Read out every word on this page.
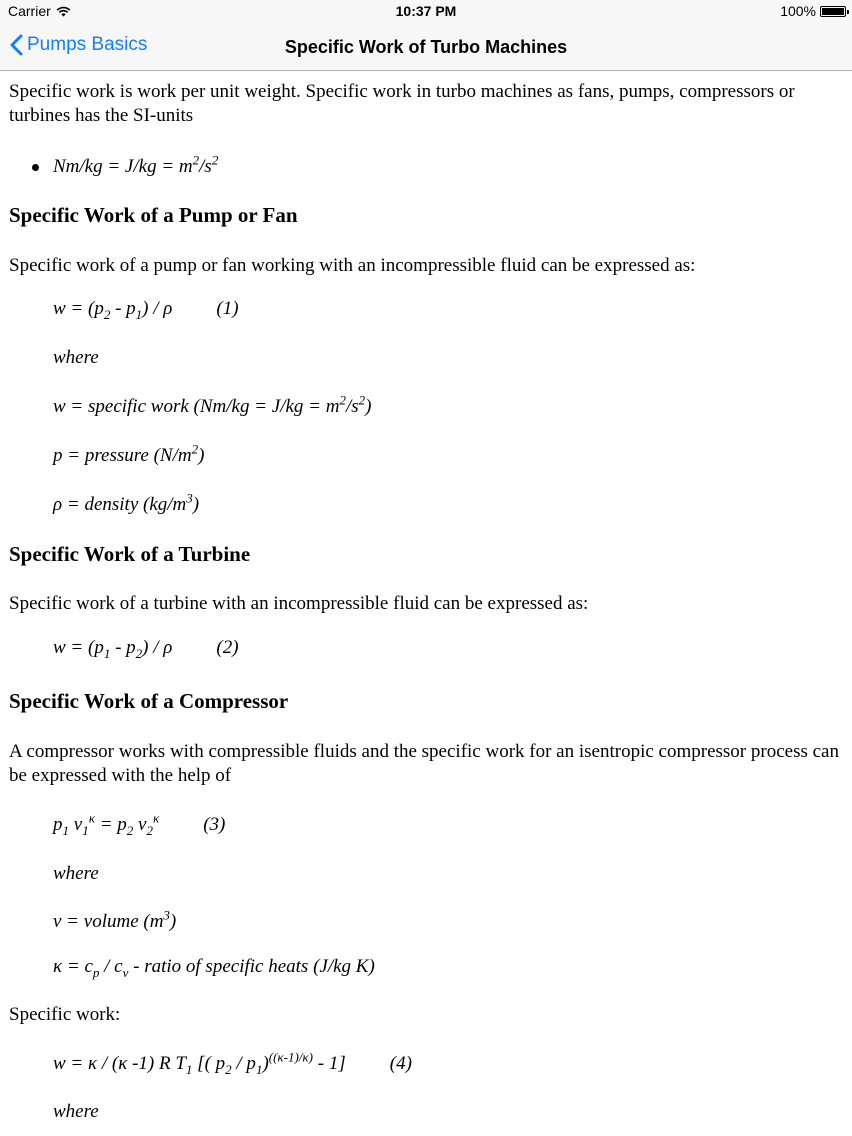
Carrier	10:37 PM	100%
Pumps Basics	Specific Work of Turbo Machines

Specific work is work per unit weight. Specific work in turbo machines as fans, pumps, compressors or turbines has the SI-units

$Nm/kg = J/kg = m^2/s^2$
Specific Work of a Pump or Fan

Specific work of a pump or fan working with an incompressible fluid can be expressed as:

$w = (p_2 - p_1) / \rho$ (1)

where

w = specific work $(Nm/kg = J/kg = m^2/s^2)$

p = pressure $(N/m^2)$

ρ = density $(kg/m^3)$

Specific Work of a Turbine

Specific work of a turbine with an incompressible fluid can be expressed as:

$w = (p_1 - p_2) / \rho$ (2)

Specific Work of a Compressor

A compressor works with compressible fluids and the specific work for an isentropic compressor process can be expressed with the help of

$p_1$ $v_1^\kappa = p_2$ $v_2^\kappa$ (3)

where

v = volume $(m^3)$

$\kappa = c_p / c_v$ - ratio of specific heats (J/kg K)

Specific work:

w = κ / (κ -1) R $T_1$ [( $p_2 / p_1)^{((\kappa-1)/\kappa)} - 1$] (4)

where
